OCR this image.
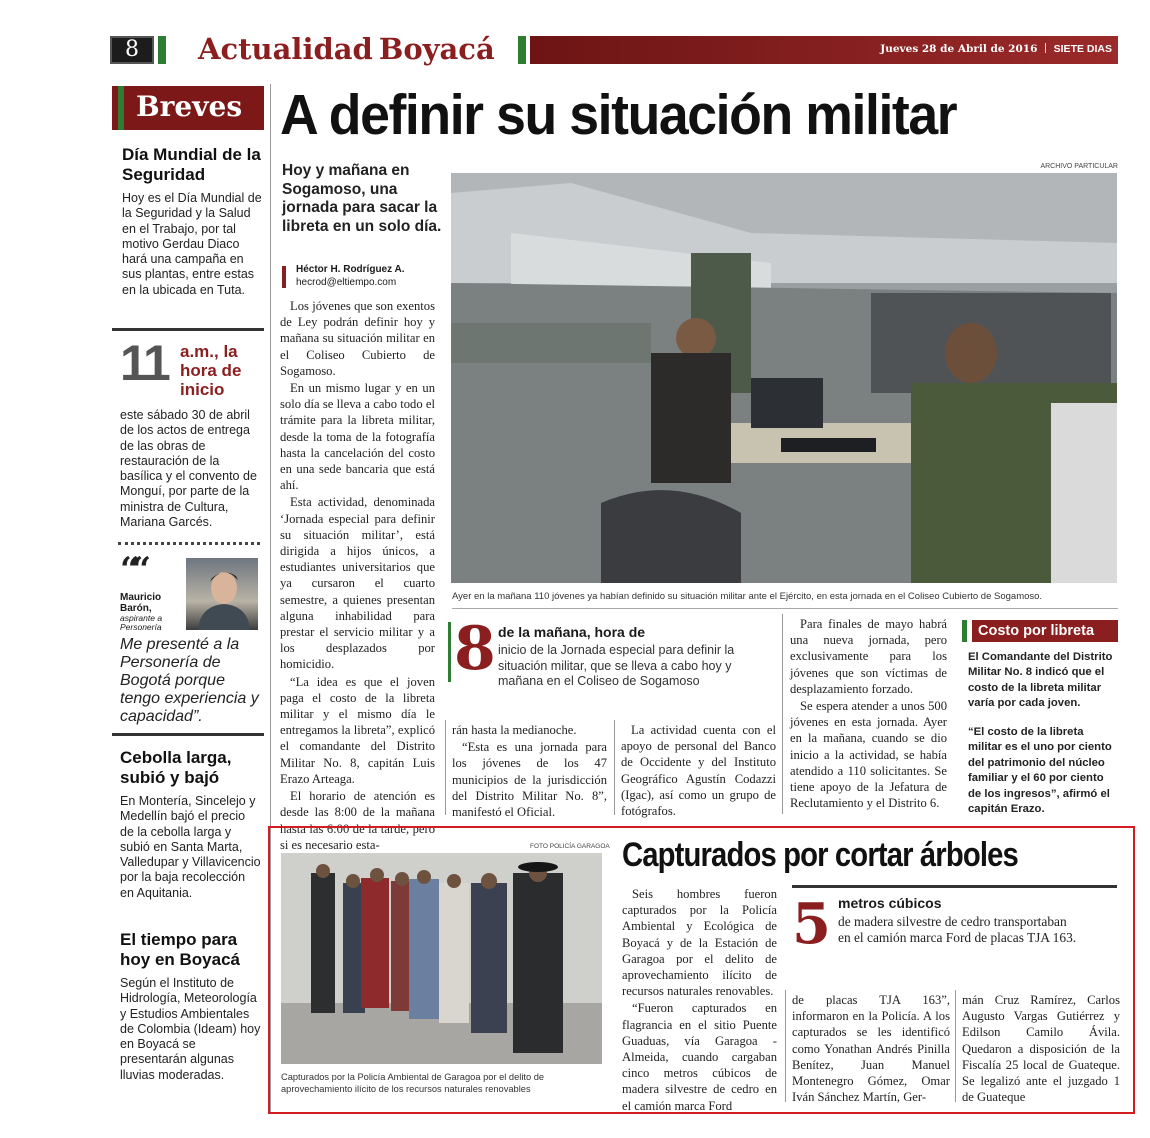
8	Actualidad Boyacá	Jueves 28 de Abril de 2016 SIETE DIAS
Breves
Día Mundial de la Seguridad
Hoy es el Día Mundial de la Seguridad y la Salud en el Trabajo, por tal motivo Gerdau Diaco hará una campaña en sus plantas, entre estas en la ubicada en Tuta.
11 a.m., la hora de inicio
este sábado 30 de abril de los actos de entrega de las obras de restauración de la basílica y el convento de Monguí, por parte de la ministra de Cultura, Mariana Garcés.
““
Mauricio Barón,
aspirante a Personería
Me presenté a la Personería de Bogotá porque tengo experiencia y capacidad”.
Cebolla larga, subió y bajó
En Montería, Sincelejo y Medellín bajó el precio de la cebolla larga y subió en Santa Marta, Valledupar y Villavicencio por la baja recolección en Aquitania.
El tiempo para hoy en Boyacá
Según el Instituto de Hidrología, Meteorología y Estudios Ambientales de Colombia (Ideam) hoy en Boyacá se presentarán algunas lluvias moderadas.
A definir su situación militar
Hoy y mañana en Sogamoso, una jornada para sacar la libreta en un solo día.
Héctor H. Rodríguez A.
hecrod@eltiempo.com

Los jóvenes que son exentos de Ley podrán definir hoy y mañana su situación militar en el Coliseo Cubierto de Sogamoso.

En un mismo lugar y en un solo día se lleva a cabo todo el trámite para la libreta militar, desde la toma de la fotografía hasta la cancelación del costo en una sede bancaria que está ahí.

Esta actividad, denominada ‘Jornada especial para definir su situación militar’, está dirigida a hijos únicos, a estudiantes universitarios que ya cursaron el cuarto semestre, a quienes presentan alguna inhabilidad para prestar el servicio militar y a los desplazados por homicidio.

“La idea es que el joven paga el costo de la libreta militar y el mismo día le entregamos la libreta”, explicó el comandante del Distrito Militar No. 8, capitán Luis Erazo Arteaga.

El horario de atención es desde las 8:00 de la mañana hasta las 6:00 de la tarde, pero si es necesario esta-

ARCHIVO PARTICULAR
Ayer en la mañana 110 jóvenes ya habían definido su situación militar ante el Ejército, en esta jornada en el Coliseo Cubierto de Sogamoso.
8 de la mañana, hora de
inicio de la Jornada especial para definir la situación militar, que se lleva a cabo hoy y mañana en el Coliseo de Sogamoso

rán hasta la medianoche.

“Esta es una jornada para los jóvenes de los 47 municipios de la jurisdicción del Distrito Militar No. 8”, manifestó el Oficial.

La actividad cuenta con el apoyo de personal del Banco de Occidente y del Instituto Geográfico Agustín Codazzi (Igac), así como un grupo de fotógrafos.

Para finales de mayo habrá una nueva jornada, pero exclusivamente para los jóvenes que son víctimas de desplazamiento forzado.

Se espera atender a unos 500 jóvenes en esta jornada. Ayer en la mañana, cuando se dio inicio a la actividad, se había atendido a 110 solicitantes. Se tiene apoyo de la Jefatura de Reclutamiento y el Distrito 6.

Costo por libreta
El Comandante del Distrito Militar No. 8 indicó que el costo de la libreta militar varía por cada joven.
“El costo de la libreta militar es el uno por ciento del patrimonio del núcleo familiar y el 60 por ciento de los ingresos”, afirmó el capitán Erazo.
FOTO POLICÍA GARAGOA
Capturados por la Policía Ambiental de Garagoa por el delito de aprovechamiento ilícito de los recursos naturales renovables
Capturados por cortar árboles

Seis hombres fueron capturados por la Policía Ambiental y Ecológica de Boyacá y de la Estación de Garagoa por el delito de aprovechamiento ilícito de recursos naturales renovables.

“Fueron capturados en flagrancia en el sitio Puente Guaduas, vía Garagoa - Almeida, cuando cargaban cinco metros cúbicos de madera silvestre de cedro en el camión marca Ford

5 metros cúbicos
de madera silvestre de cedro transportaban en el camión marca Ford de placas TJA 163.

de placas TJA 163”, informaron en la Policía. A los capturados se les identificó como Yonathan Andrés Pinilla Benítez, Juan Manuel Montenegro Gómez, Omar Iván Sánchez Martín, Ger-

mán Cruz Ramírez, Carlos Augusto Vargas Gutiérrez y Edilson Camilo Ávila. Quedaron a disposición de la Fiscalía 25 local de Guateque. Se legalizó ante el juzgado 1 de Guateque
